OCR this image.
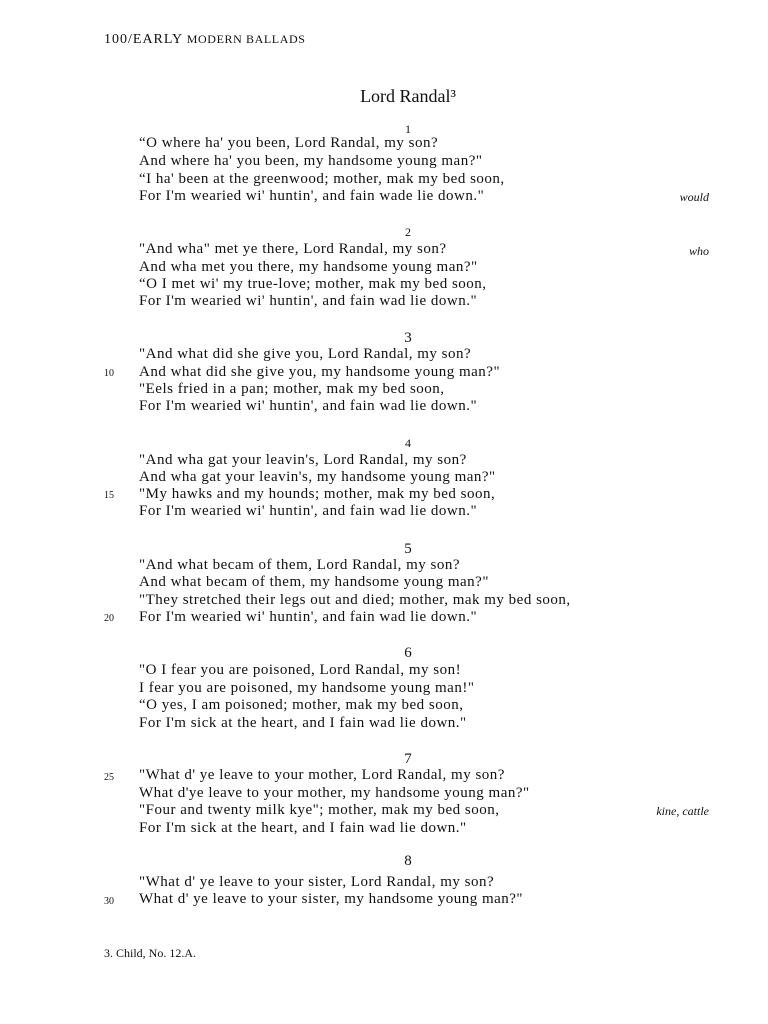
100/EARLY MODERN BALLADS
Lord Randal³
1
“O where ha' you been, Lord Randal, my son?
And where ha' you been, my handsome young man?"
“I ha' been at the greenwood; mother, mak my bed soon,
For I'm wearied wi' huntin', and fain wade lie down."	would
2
"And wha" met ye there, Lord Randal, my son?	who
And wha met you there, my handsome young man?"
“O I met wi' my true-love; mother, mak my bed soon,
For I'm wearied wi' huntin', and fain wad lie down."
3
"And what did she give you, Lord Randal, my son?
10 And what did she give you, my handsome young man?"
"Eels fried in a pan; mother, mak my bed soon,
For I'm wearied wi' huntin', and fain wad lie down."
4
"And wha gat your leavin's, Lord Randal, my son?
And wha gat your leavin's, my handsome young man?"
15 "My hawks and my hounds; mother, mak my bed soon,
For I'm wearied wi' huntin', and fain wad lie down."
5
"And what becam of them, Lord Randal, my son?
And what becam of them, my handsome young man?"
"They stretched their legs out and died; mother, mak my bed soon,
20 For I'm wearied wi' huntin', and fain wad lie down."
6
"O I fear you are poisoned, Lord Randal, my son!
I fear you are poisoned, my handsome young man!"
“O yes, I am poisoned; mother, mak my bed soon,
For I'm sick at the heart, and I fain wad lie down."
7
25 "What d' ye leave to your mother, Lord Randal, my son?
What d'ye leave to your mother, my handsome young man?"
"Four and twenty milk kye"; mother, mak my bed soon,	kine, cattle
For I'm sick at the heart, and I fain wad lie down."
8
"What d' ye leave to your sister, Lord Randal, my son?
30 What d' ye leave to your sister, my handsome young man?"
3. Child, No. 12.A.
